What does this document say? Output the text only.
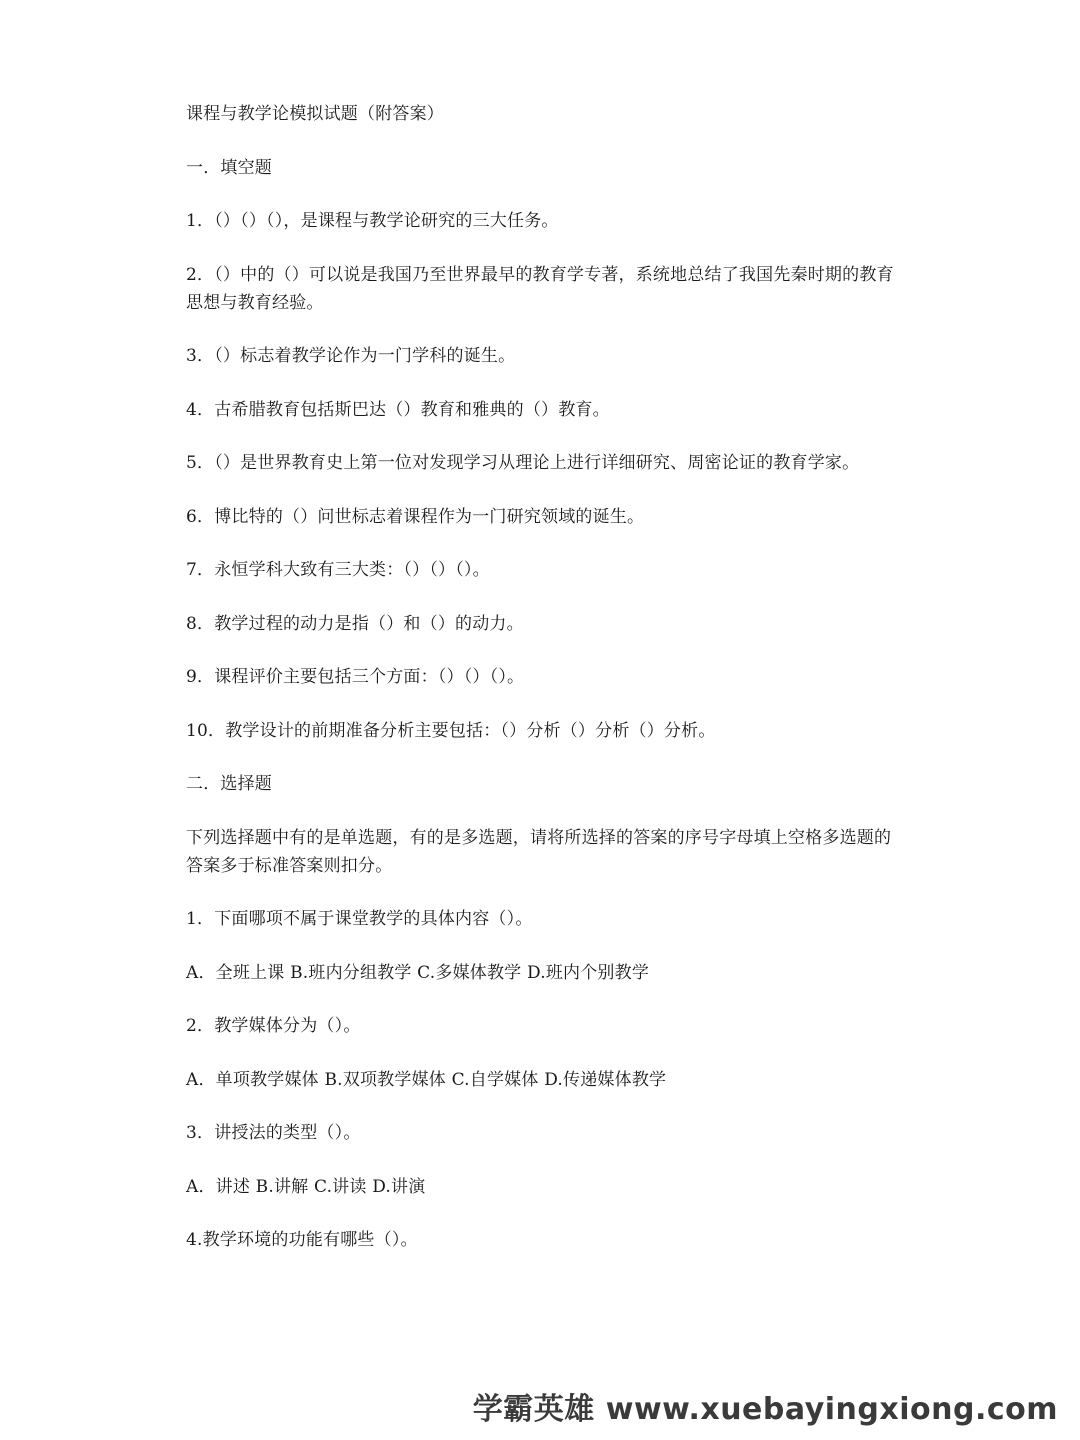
课程与教学论模拟试题（附答案）
一．填空题
1．（）（）（），是课程与教学论研究的三大任务。
2．（）中的（）可以说是我国乃至世界最早的教育学专著，系统地总结了我国先秦时期的教育思想与教育经验。
3．（）标志着教学论作为一门学科的诞生。
4．古希腊教育包括斯巴达（）教育和雅典的（）教育。
5．（）是世界教育史上第一位对发现学习从理论上进行详细研究、周密论证的教育学家。
6．博比特的（）问世标志着课程作为一门研究领域的诞生。
7．永恒学科大致有三大类：（）（）（）。
8．教学过程的动力是指（）和（）的动力。
9．课程评价主要包括三个方面：（）（）（）。
10．教学设计的前期准备分析主要包括：（）分析（）分析（）分析。
二．选择题
下列选择题中有的是单选题，有的是多选题，请将所选择的答案的序号字母填上空格多选题的答案多于标准答案则扣分。
1．下面哪项不属于课堂教学的具体内容（）。
A．全班上课 B.班内分组教学 C.多媒体教学 D.班内个别教学
2．教学媒体分为（）。
A．单项教学媒体 B.双项教学媒体 C.自学媒体 D.传递媒体教学
3．讲授法的类型（）。
A．讲述 B.讲解 C.讲读 D.讲演
4.教学环境的功能有哪些（）。
学霸英雄 www.xuebayingxiong.com
